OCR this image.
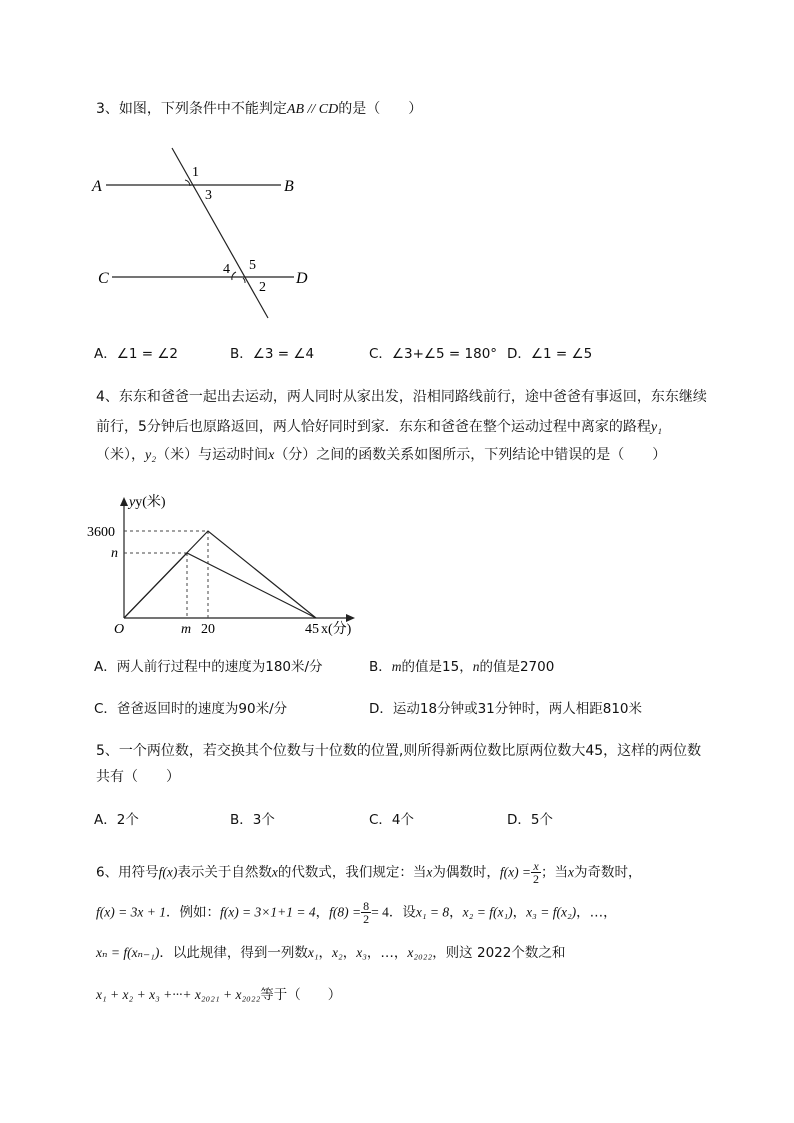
3、如图，下列条件中不能判定AB // CD的是（　　）
A	B
C	D
1
3
4 5
2
A．∠1 = ∠2	B．∠3 = ∠4	C．∠3+∠5 = 180° D．∠1 = ∠5
4、东东和爸爸一起出去运动，两人同时从家出发，沿相同路线前行，途中爸爸有事返回，东东继续
前行，5分钟后也原路返回，两人恰好同时到家．东东和爸爸在整个运动过程中离家的路程y₁
（米），y₂（米）与运动时间x（分）之间的函数关系如图所示，下列结论中错误的是（　　）
yy(米)
3600
n
O	m 20	45 x(分)
A．两人前行过程中的速度为180米/分	B．m的值是15，n的值是2700
C．爸爸返回时的速度为90米/分	D．运动18分钟或31分钟时，两人相距810米
5、一个两位数，若交换其个位数与十位数的位置,则所得新两位数比原两位数大45，这样的两位数
共有（　　）
A．2个	B．3个	C．4个	D．5个
6、用符号f(x)表示关于自然数x的代数式，我们规定：当x为偶数时，$f(x) = \frac{x}{2}$ ；当x为奇数时，
f(x) = 3x + 1．例如：f(x) = 3×1+1 = 4，$f(8) = \frac{8}{2} = 4$．设x₁ = 8，x₂ = f(x₁)，x₃ = f(x₂)，…，
xₙ = f(xₙ₋₁)．以此规律，得到一列数x₁，x₂，x₃，…，x₂₀₂₂，则这 2022个数之和
x₁ + x₂ + x₃ +···+ x₂₀₂₁ + x₂₀₂₂等于（　　）
